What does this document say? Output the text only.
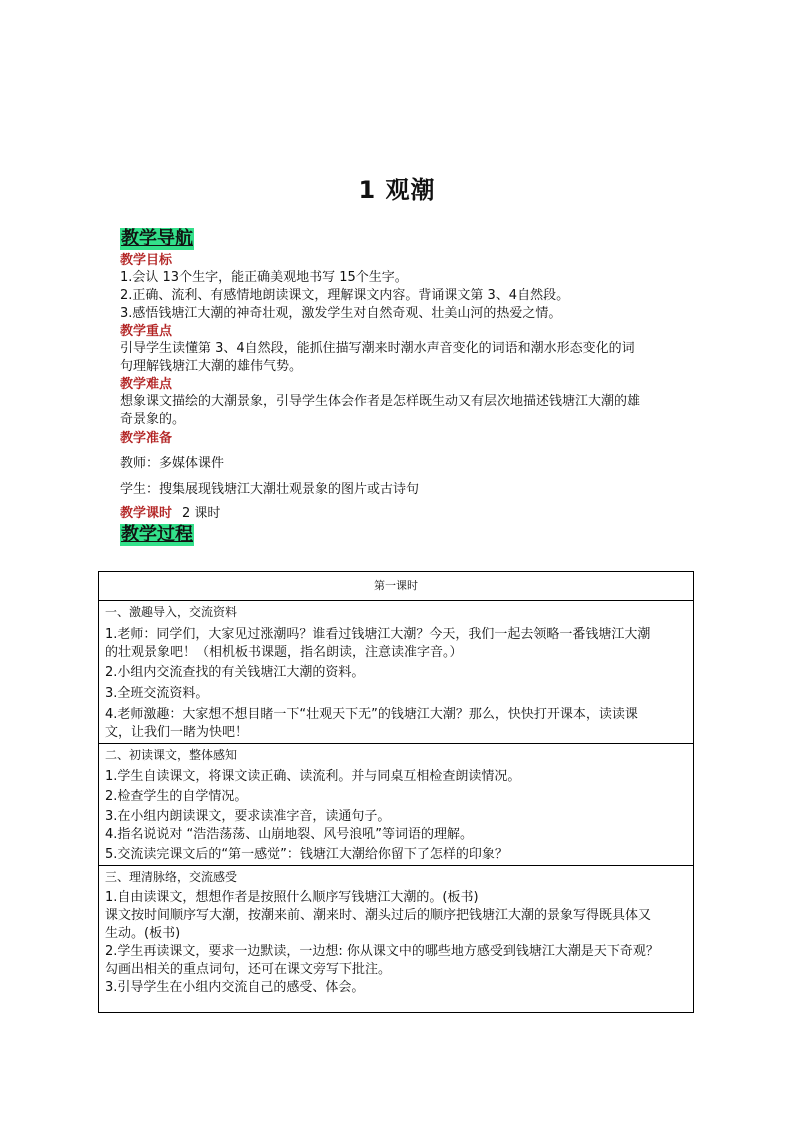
1 观潮
教学导航
教学目标
1.会认 13个生字，能正确美观地书写 15个生字。
2.正确、流利、有感情地朗读课文，理解课文内容。背诵课文第 3、4自然段。
3.感悟钱塘江大潮的神奇壮观，激发学生对自然奇观、壮美山河的热爱之情。
教学重点
引导学生读懂第 3、4自然段，能抓住描写潮来时潮水声音变化的词语和潮水形态变化的词
句理解钱塘江大潮的雄伟气势。
教学难点
想象课文描绘的大潮景象，引导学生体会作者是怎样既生动又有层次地描述钱塘江大潮的雄
奇景象的。
教学准备
教师：多媒体课件
学生：搜集展现钱塘江大潮壮观景象的图片或古诗句
教学课时 2 课时
教学过程
第一课时
一、激趣导入，交流资料
1.老师：同学们，大家见过涨潮吗？谁看过钱塘江大潮？今天，我们一起去领略一番钱塘江大潮
的壮观景象吧！（相机板书课题，指名朗读，注意读准字音。）
2.小组内交流查找的有关钱塘江大潮的资料。
3.全班交流资料。
4.老师激趣：大家想不想目睹一下“壮观天下无”的钱塘江大潮？那么，快快打开课本，读读课
文，让我们一睹为快吧！
二、初读课文，整体感知
1.学生自读课文，将课文读正确、读流利。并与同桌互相检查朗读情况。
2.检查学生的自学情况。
3.在小组内朗读课文，要求读准字音，读通句子。
4.指名说说对 “浩浩荡荡、山崩地裂、风号浪吼”等词语的理解。
5.交流读完课文后的“第一感觉”：钱塘江大潮给你留下了怎样的印象？
三、理清脉络，交流感受
1.自由读课文，想想作者是按照什么顺序写钱塘江大潮的。(板书)
课文按时间顺序写大潮，按潮来前、潮来时、潮头过后的顺序把钱塘江大潮的景象写得既具体又
生动。(板书)
2.学生再读课文，要求一边默读，一边想: 你从课文中的哪些地方感受到钱塘江大潮是天下奇观？
勾画出相关的重点词句，还可在课文旁写下批注。
3.引导学生在小组内交流自己的感受、体会。
